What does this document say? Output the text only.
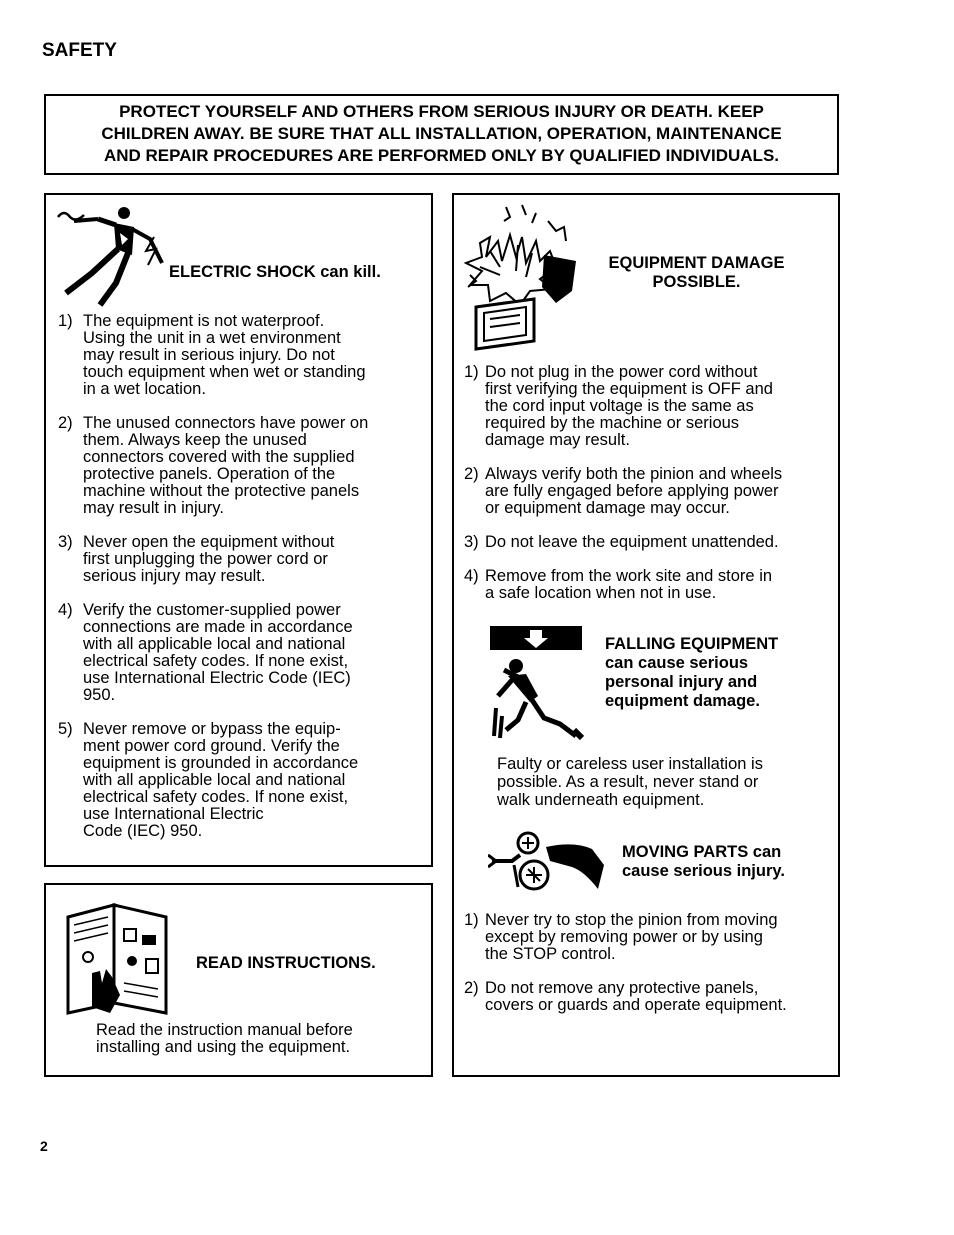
SAFETY
PROTECT YOURSELF AND OTHERS FROM SERIOUS INJURY OR DEATH. KEEP
CHILDREN AWAY. BE SURE THAT ALL INSTALLATION, OPERATION, MAINTENANCE
AND REPAIR PROCEDURES ARE PERFORMED ONLY BY QUALIFIED INDIVIDUALS.
ELECTRIC SHOCK can kill.
1) The equipment is not waterproof.
Using the unit in a wet environment
may result in serious injury. Do not
touch equipment when wet or standing
in a wet location.
2) The unused connectors have power on
them. Always keep the unused
connectors covered with the supplied
protective panels. Operation of the
machine without the protective panels
may result in injury.
3) Never open the equipment without
first unplugging the power cord or
serious injury may result.
4) Verify the customer-supplied power
connections are made in accordance
with all applicable local and national
electrical safety codes. If none exist,
use International Electric Code (IEC)
950.
5) Never remove or bypass the equip-
ment power cord ground. Verify the
equipment is grounded in accordance
with all applicable local and national
electrical safety codes. If none exist,
use International Electric
Code (IEC) 950.
READ INSTRUCTIONS.
Read the instruction manual before
installing and using the equipment.
EQUIPMENT DAMAGE
POSSIBLE.
1) Do not plug in the power cord without
first verifying the equipment is OFF and
the cord input voltage is the same as
required by the machine or serious
damage may result.
2) Always verify both the pinion and wheels
are fully engaged before applying power
or equipment damage may occur.
3) Do not leave the equipment unattended.
4) Remove from the work site and store in
a safe location when not in use.
FALLING EQUIPMENT
can cause serious
personal injury and
equipment damage.
Faulty or careless user installation is
possible. As a result, never stand or
walk underneath equipment.
MOVING PARTS can
cause serious injury.
1) Never try to stop the pinion from moving
except by removing power or by using
the STOP control.
2) Do not remove any protective panels,
covers or guards and operate equipment.
2
